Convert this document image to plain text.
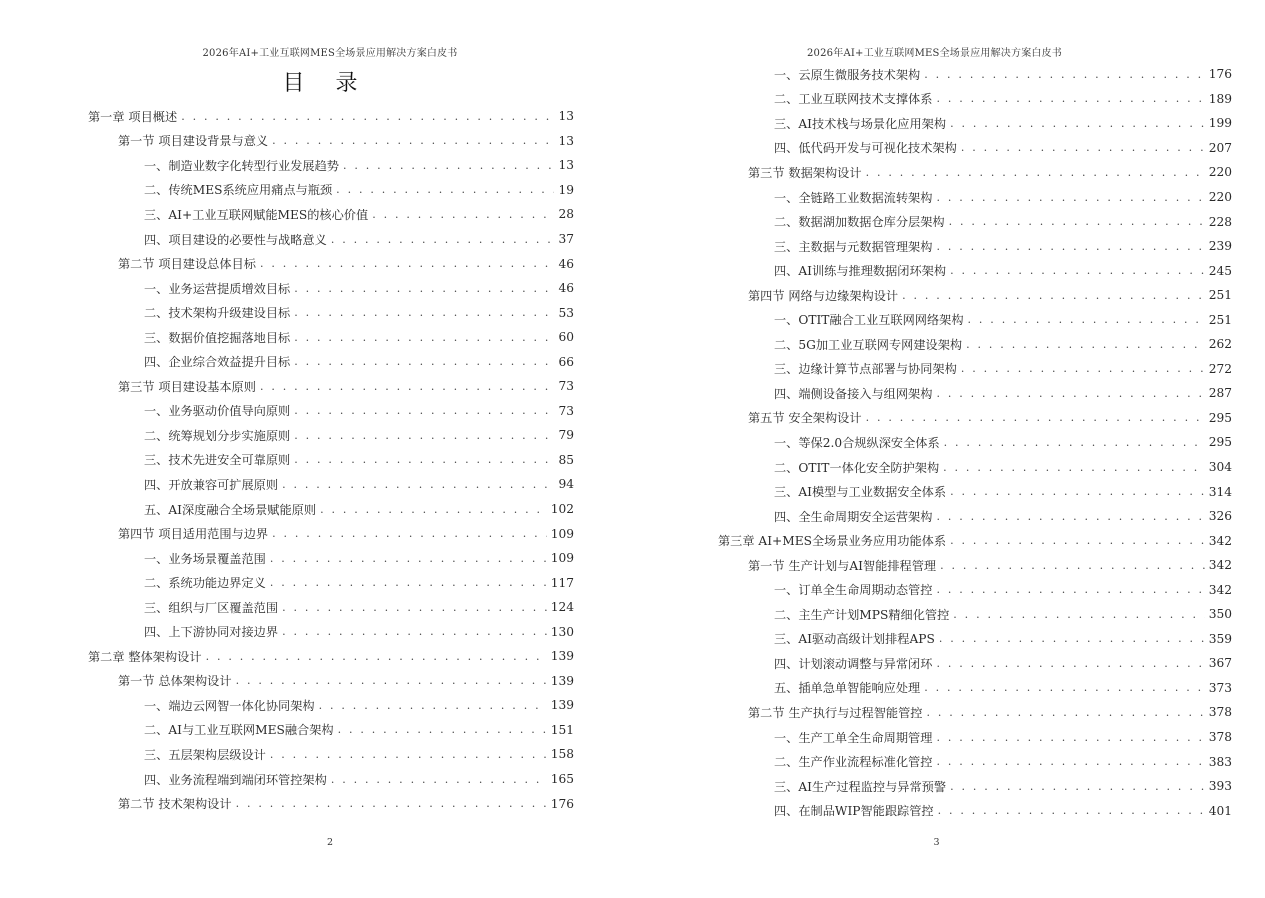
2026年AI+工业互联网MES全场景应用解决方案白皮书
目 录
第一章 项目概述 . . .	13
第一节 项目建设背景与意义 . . .	13
一、制造业数字化转型行业发展趋势 . . .	13
二、传统MES系统应用痛点与瓶颈 . . .	19
三、AI+工业互联网赋能MES的核心价值 . . .	28
四、项目建设的必要性与战略意义 . . .	37
第二节 项目建设总体目标 . . .	46
一、业务运营提质增效目标 . . .	46
二、技术架构升级建设目标 . . .	53
三、数据价值挖掘落地目标 . . .	60
四、企业综合效益提升目标 . . .	66
第三节 项目建设基本原则 . . .	73
一、业务驱动价值导向原则 . . .	73
二、统筹规划分步实施原则 . . .	79
三、技术先进安全可靠原则 . . .	85
四、开放兼容可扩展原则 . . .	94
五、AI深度融合全场景赋能原则 . . .	102
第四节 项目适用范围与边界 . . .	109
一、业务场景覆盖范围 . . .	109
二、系统功能边界定义 . . .	117
三、组织与厂区覆盖范围 . . .	124
四、上下游协同对接边界 . . .	130
第二章 整体架构设计 . . .	139
第一节 总体架构设计 . . .	139
一、端边云网智一体化协同架构 . . .	139
二、AI与工业互联网MES融合架构 . . .	151
三、五层架构层级设计 . . .	158
四、业务流程端到端闭环管控架构 . . .	165
第二节 技术架构设计 . . .	176
2
2026年AI+工业互联网MES全场景应用解决方案白皮书
一、云原生微服务技术架构 . . .	176
二、工业互联网技术支撑体系 . . .	189
三、AI技术栈与场景化应用架构 . . .	199
四、低代码开发与可视化技术架构 . . .	207
第三节 数据架构设计 . . .	220
一、全链路工业数据流转架构 . . .	220
二、数据湖加数据仓库分层架构 . . .	228
三、主数据与元数据管理架构 . . .	239
四、AI训练与推理数据闭环架构 . . .	245
第四节 网络与边缘架构设计 . . .	251
一、OTIT融合工业互联网网络架构 . . .	251
二、5G加工业互联网专网建设架构 . . .	262
三、边缘计算节点部署与协同架构 . . .	272
四、端侧设备接入与组网架构 . . .	287
第五节 安全架构设计 . . .	295
一、等保2.0合规纵深安全体系 . . .	295
二、OTIT一体化安全防护架构 . . .	304
三、AI模型与工业数据安全体系 . . .	314
四、全生命周期安全运营架构 . . .	326
第三章 AI+MES全场景业务应用功能体系 . . .	342
第一节 生产计划与AI智能排程管理 . . .	342
一、订单全生命周期动态管控 . . .	342
二、主生产计划MPS精细化管控 . . .	350
三、AI驱动高级计划排程APS . . .	359
四、计划滚动调整与异常闭环 . . .	367
五、插单急单智能响应处理 . . .	373
第二节 生产执行与过程智能管控 . . .	378
一、生产工单全生命周期管理 . . .	378
二、生产作业流程标准化管控 . . .	383
三、AI生产过程监控与异常预警 . . .	393
四、在制品WIP智能跟踪管控 . . .	401
3
